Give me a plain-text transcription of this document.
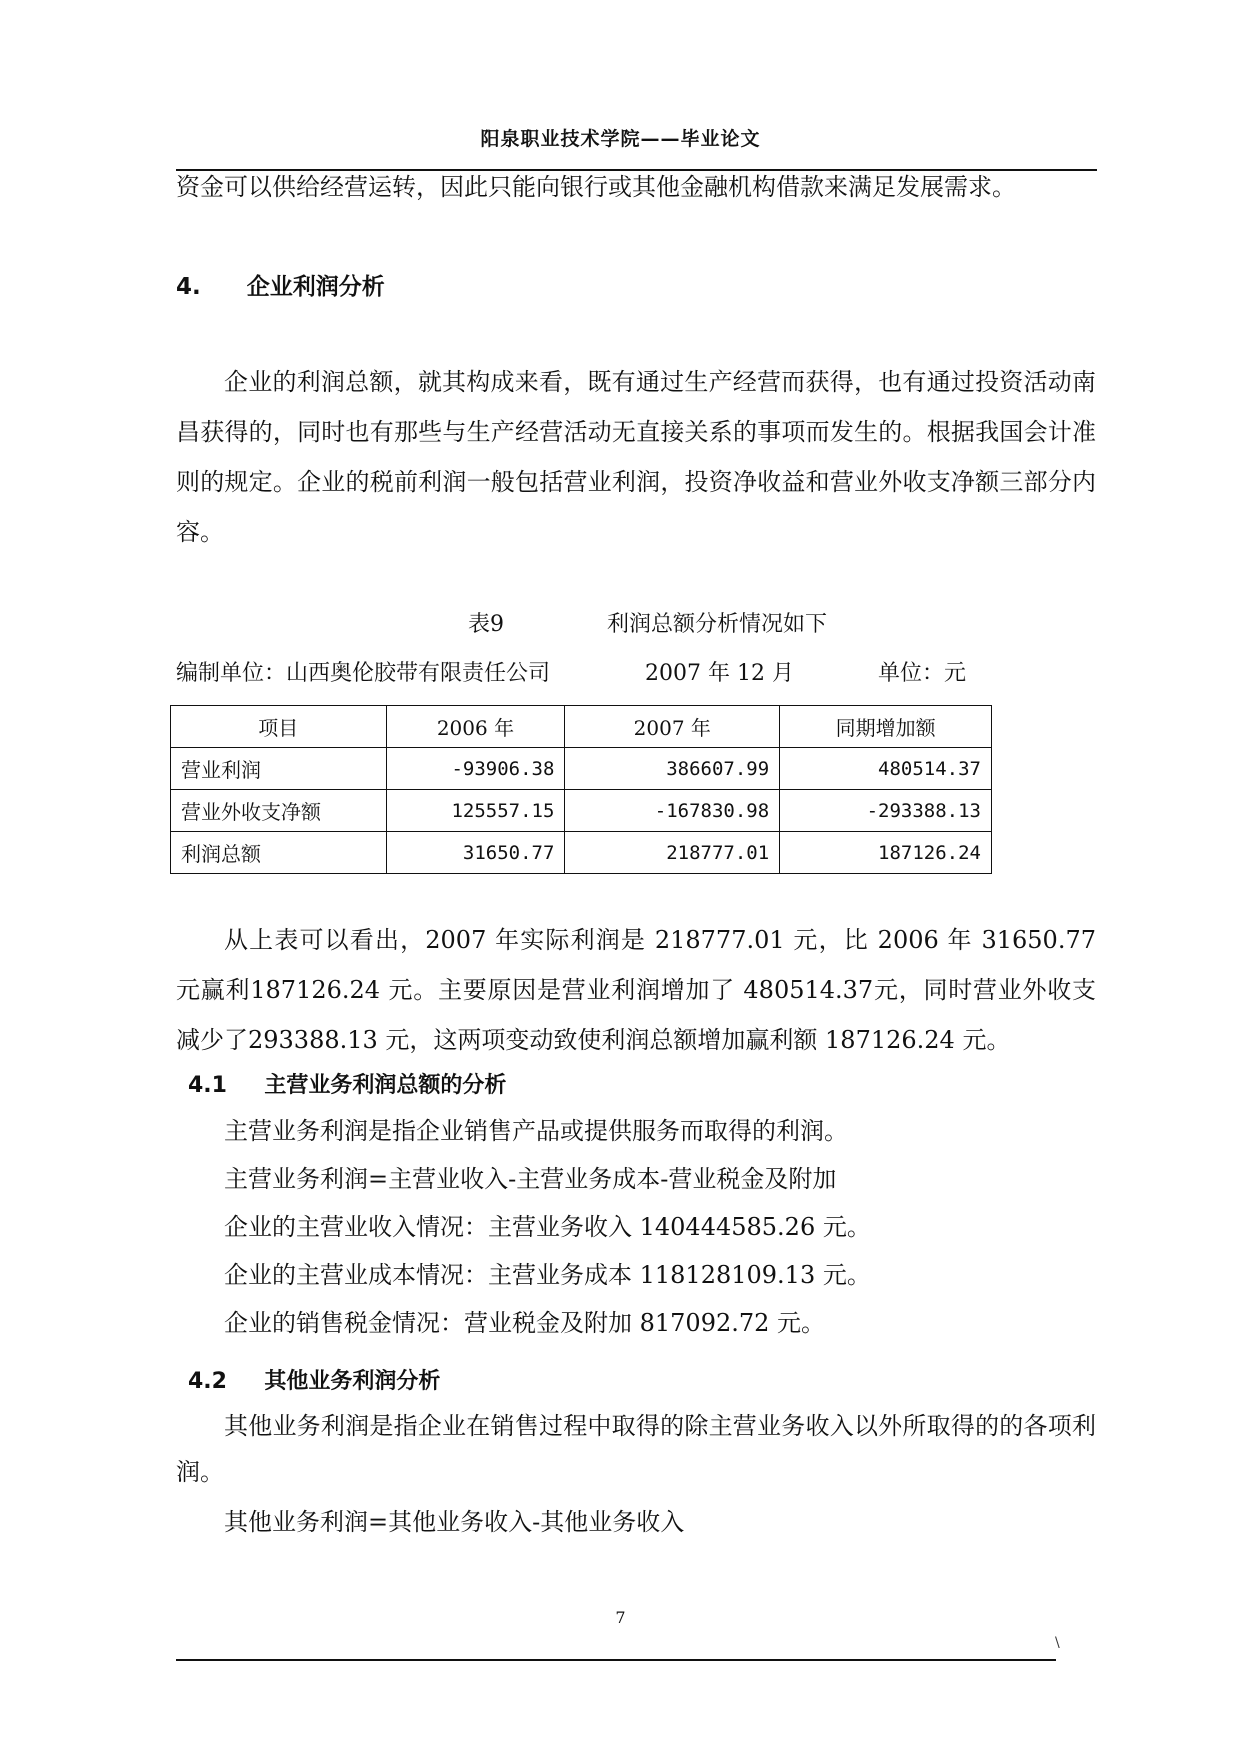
阳泉职业技术学院——毕业论文
资金可以供给经营运转，因此只能向银行或其他金融机构借款来满足发展需求。
4. 企业利润分析
企业的利润总额，就其构成来看，既有通过生产经营而获得，也有通过投资活动南昌获得的，同时也有那些与生产经营活动无直接关系的事项而发生的。根据我国会计准则的规定。企业的税前利润一般包括营业利润，投资净收益和营业外收支净额三部分内容。
表9	利润总额分析情况如下
编制单位：山西奥伦胶带有限责任公司	2007 年 12 月	单位：元
项目	2006 年	2007 年	同期增加额
营业利润	-93906.38	386607.99	480514.37
营业外收支净额	125557.15	-167830.98	-293388.13
利润总额	31650.77	218777.01	187126.24
从上表可以看出，2007 年实际利润是 218777.01 元，比 2006 年 31650.77 元赢利187126.24 元。主要原因是营业利润增加了 480514.37元，同时营业外收支减少了293388.13 元，这两项变动致使利润总额增加赢利额 187126.24 元。
4.1 主营业务利润总额的分析
主营业务利润是指企业销售产品或提供服务而取得的利润。
主营业务利润=主营业收入-主营业务成本-营业税金及附加
企业的主营业收入情况：主营业务收入 140444585.26 元。
企业的主营业成本情况：主营业务成本 118128109.13 元。
企业的销售税金情况：营业税金及附加 817092.72 元。
4.2 其他业务利润分析
其他业务利润是指企业在销售过程中取得的除主营业务收入以外所取得的的各项利润。
其他业务利润=其他业务收入-其他业务收入
7
\
